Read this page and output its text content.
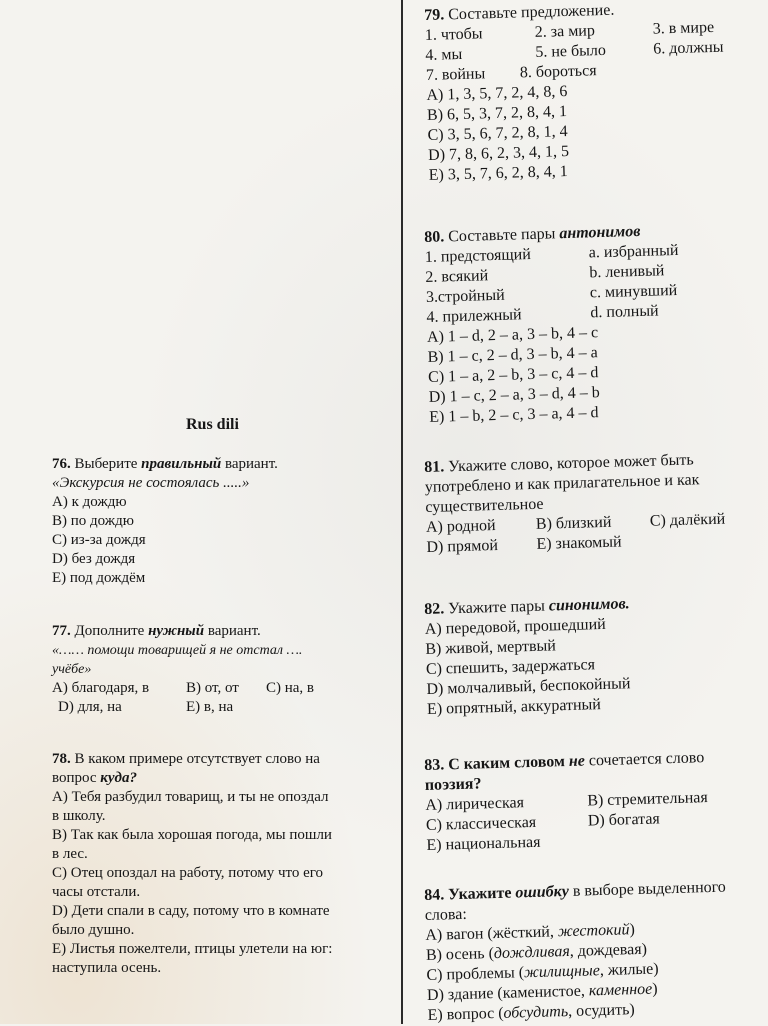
Rus dili
76. Выберите правильный вариант.
«Экскурсия не состоялась .....»
A) к дождю
B) по дождю
C) из-за дождя
D) без дождя
E) под дождём
77. Дополните нужный вариант.
«…… помощи товарищей я не отстал ….
учёбе»
A) благодаря, в B) от, от C) на, в
D) для, на	E) в, на
78. В каком примере отсутствует слово на
вопрос куда?
A) Тебя разбудил товарищ, и ты не опоздал
в школу.
B) Так как была хорошая погода, мы пошли
в лес.
C) Отец опоздал на работу, потому что его
часы отстали.
D) Дети спали в саду, потому что в комнате
было душно.
E) Листья пожелтели, птицы улетели на юг:
наступила осень.
79. Составьте предложение.
1. чтобы	2. за мир	3. в мире
4. мы	5. не было	6. должны
7. войны 8. бороться
A) 1, 3, 5, 7, 2, 4, 8, 6
B) 6, 5, 3, 7, 2, 8, 4, 1
C) 3, 5, 6, 7, 2, 8, 1, 4
D) 7, 8, 6, 2, 3, 4, 1, 5
E) 3, 5, 7, 6, 2, 8, 4, 1
80. Составьте пары антонимов
1. предстоящий	a. избранный
2. всякий	b. ленивый
3.стройный	c. минувший
4. прилежный	d. полный
A) 1 – d, 2 – a, 3 – b, 4 – c
B) 1 – c, 2 – d, 3 – b, 4 – a
C) 1 – a, 2 – b, 3 – c, 4 – d
D) 1 – c, 2 – a, 3 – d, 4 – b
E) 1 – b, 2 – c, 3 – a, 4 – d
81. Укажите слово, которое может быть
употреблено и как прилагательное и как
существительное
A) родной B) близкий C) далёкий
D) прямой E) знакомый
82. Укажите пары синонимов.
A) передовой, прошедший
B) живой, мертвый
C) спешить, задержаться
D) молчаливый, беспокойный
E) опрятный, аккуратный
83. С каким словом не сочетается слово
поэзия?
A) лирическая	B) стремительная
C) классическая	D) богатая
E) национальная
84. Укажите ошибку в выборе выделенного
слова:
A) вагон (жёсткий, жестокий)
B) осень (дождливая, дождевая)
C) проблемы (жилищные, жилые)
D) здание (каменистое, каменное)
E) вопрос (обсудить, осудить)
